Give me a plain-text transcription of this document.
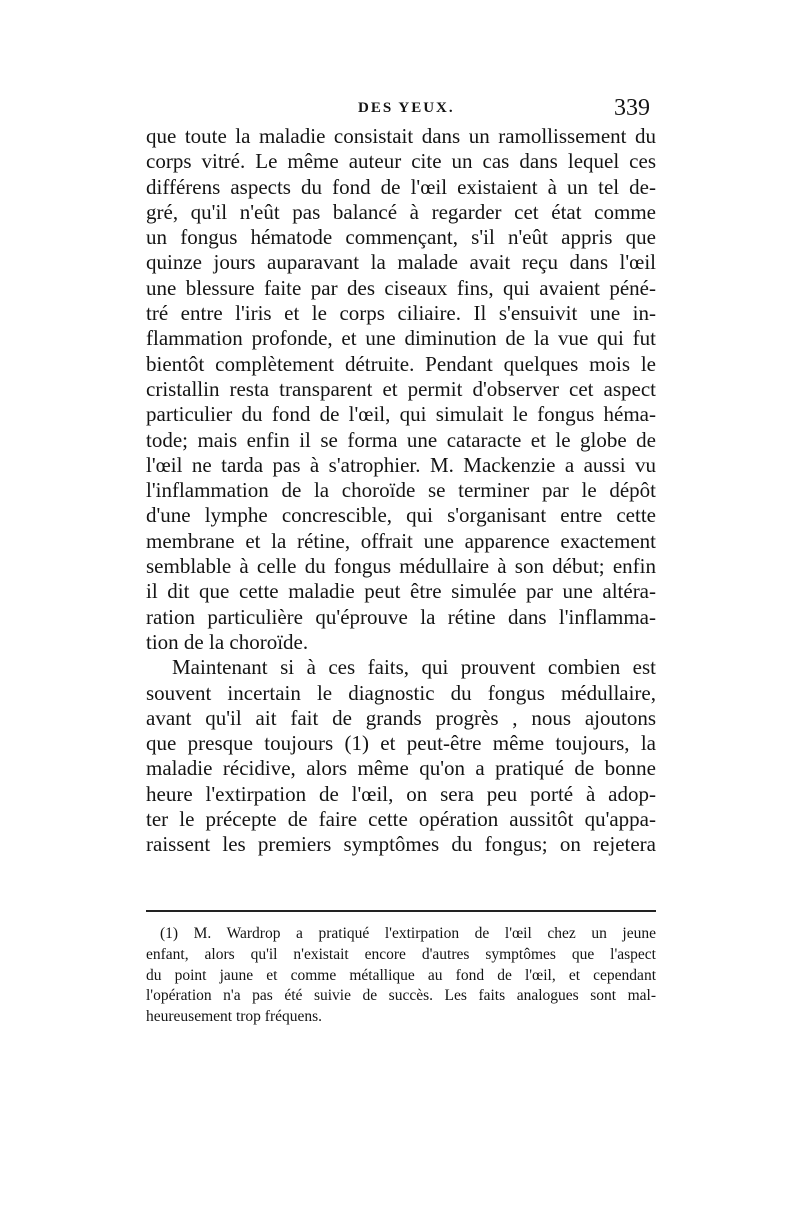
DES YEUX.	339
que toute la maladie consistait dans un ramollissement du
corps vitré. Le même auteur cite un cas dans lequel ces
différens aspects du fond de l'œil existaient à un tel de-
gré, qu'il n'eût pas balancé à regarder cet état comme
un fongus hématode commençant, s'il n'eût appris que
quinze jours auparavant la malade avait reçu dans l'œil
une blessure faite par des ciseaux fins, qui avaient péné-
tré entre l'iris et le corps ciliaire. Il s'ensuivit une in-
flammation profonde, et une diminution de la vue qui fut
bientôt complètement détruite. Pendant quelques mois le
cristallin resta transparent et permit d'observer cet aspect
particulier du fond de l'œil, qui simulait le fongus héma-
tode; mais enfin il se forma une cataracte et le globe de
l'œil ne tarda pas à s'atrophier. M. Mackenzie a aussi vu
l'inflammation de la choroïde se terminer par le dépôt
d'une lymphe concrescible, qui s'organisant entre cette
membrane et la rétine, offrait une apparence exactement
semblable à celle du fongus médullaire à son début; enfin
il dit que cette maladie peut être simulée par une altéra-
ration particulière qu'éprouve la rétine dans l'inflamma-
tion de la choroïde.
Maintenant si à ces faits, qui prouvent combien est
souvent incertain le diagnostic du fongus médullaire,
avant qu'il ait fait de grands progrès , nous ajoutons
que presque toujours (1) et peut-être même toujours, la
maladie récidive, alors même qu'on a pratiqué de bonne
heure l'extirpation de l'œil, on sera peu porté à adop-
ter le précepte de faire cette opération aussitôt qu'appa-
raissent les premiers symptômes du fongus; on rejetera
(1) M. Wardrop a pratiqué l'extirpation de l'œil chez un jeune
enfant, alors qu'il n'existait encore d'autres symptômes que l'aspect
du point jaune et comme métallique au fond de l'œil, et cependant
l'opération n'a pas été suivie de succès. Les faits analogues sont mal-
heureusement trop fréquens.
